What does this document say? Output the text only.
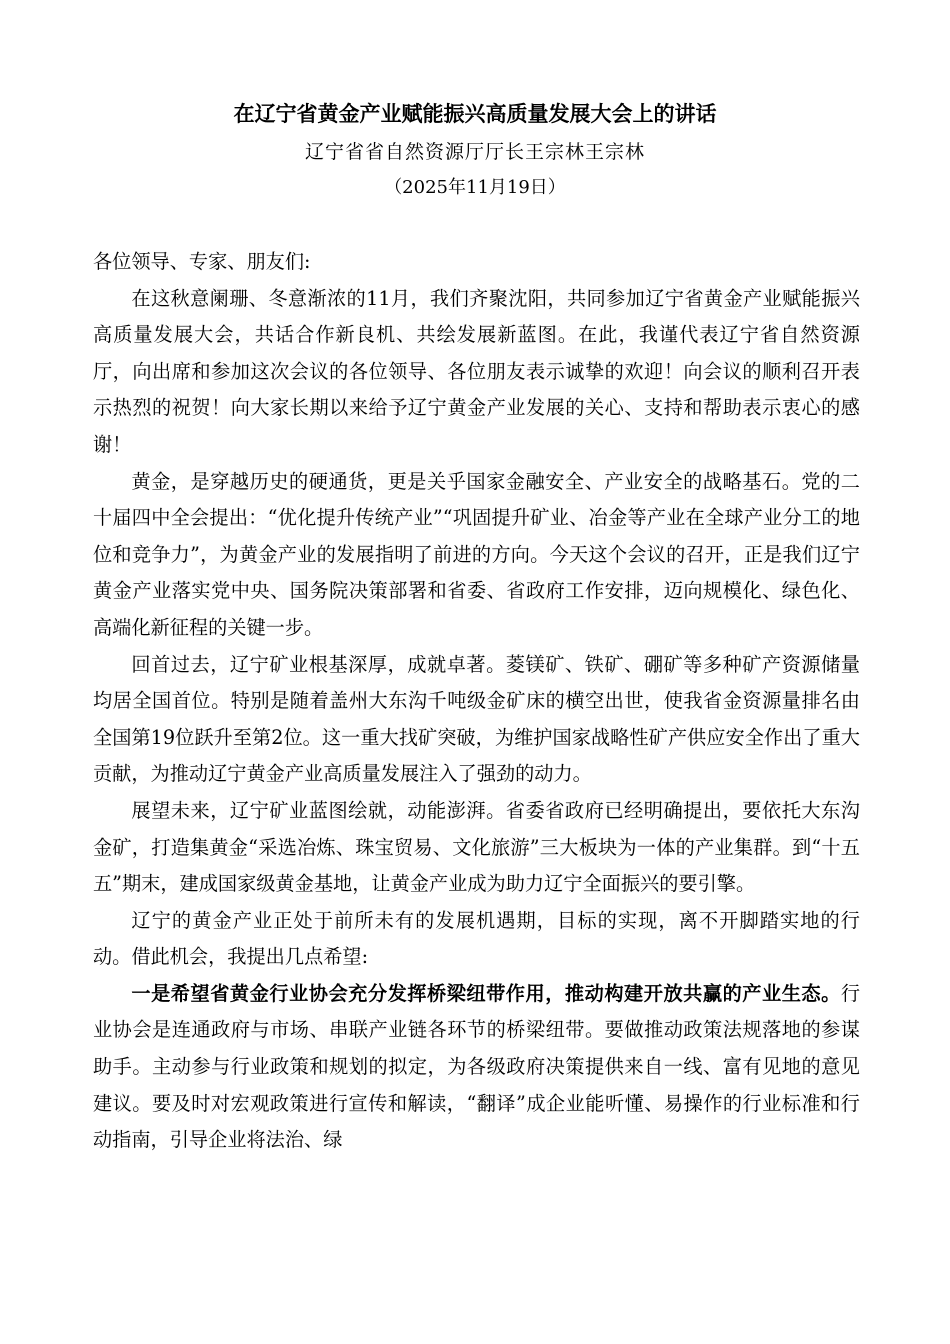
在辽宁省黄金产业赋能振兴高质量发展大会上的讲话
辽宁省省自然资源厅厅长王宗林王宗林
（2025年11月19日）

各位领导、专家、朋友们:

在这秋意阑珊、冬意渐浓的11月，我们齐聚沈阳，共同参加辽宁省黄金产业赋能振兴高质量发展大会，共话合作新良机、共绘发展新蓝图。在此，我谨代表辽宁省自然资源厅，向出席和参加这次会议的各位领导、各位朋友表示诚挚的欢迎！向会议的顺利召开表示热烈的祝贺！向大家长期以来给予辽宁黄金产业发展的关心、支持和帮助表示衷心的感谢！

黄金，是穿越历史的硬通货，更是关乎国家金融安全、产业安全的战略基石。党的二十届四中全会提出：“优化提升传统产业”“巩固提升矿业、冶金等产业在全球产业分工的地位和竞争力”，为黄金产业的发展指明了前进的方向。今天这个会议的召开，正是我们辽宁黄金产业落实党中央、国务院决策部署和省委、省政府工作安排，迈向规模化、绿色化、高端化新征程的关键一步。

回首过去，辽宁矿业根基深厚，成就卓著。菱镁矿、铁矿、硼矿等多种矿产资源储量均居全国首位。特别是随着盖州大东沟千吨级金矿床的横空出世，使我省金资源量排名由全国第19位跃升至第2位。这一重大找矿突破，为维护国家战略性矿产供应安全作出了重大贡献，为推动辽宁黄金产业高质量发展注入了强劲的动力。

展望未来，辽宁矿业蓝图绘就，动能澎湃。省委省政府已经明确提出，要依托大东沟金矿，打造集黄金“采选冶炼、珠宝贸易、文化旅游”三大板块为一体的产业集群。到“十五五”期末，建成国家级黄金基地，让黄金产业成为助力辽宁全面振兴的要引擎。

辽宁的黄金产业正处于前所未有的发展机遇期，目标的实现，离不开脚踏实地的行动。借此机会，我提出几点希望:

一是希望省黄金行业协会充分发挥桥梁纽带作用，推动构建开放共赢的产业生态。行业协会是连通政府与市场、串联产业链各环节的桥梁纽带。要做推动政策法规落地的参谋助手。主动参与行业政策和规划的拟定，为各级政府决策提供来自一线、富有见地的意见建议。要及时对宏观政策进行宣传和解读，“翻译”成企业能听懂、易操作的行业标准和行动指南，引导企业将法治、绿
